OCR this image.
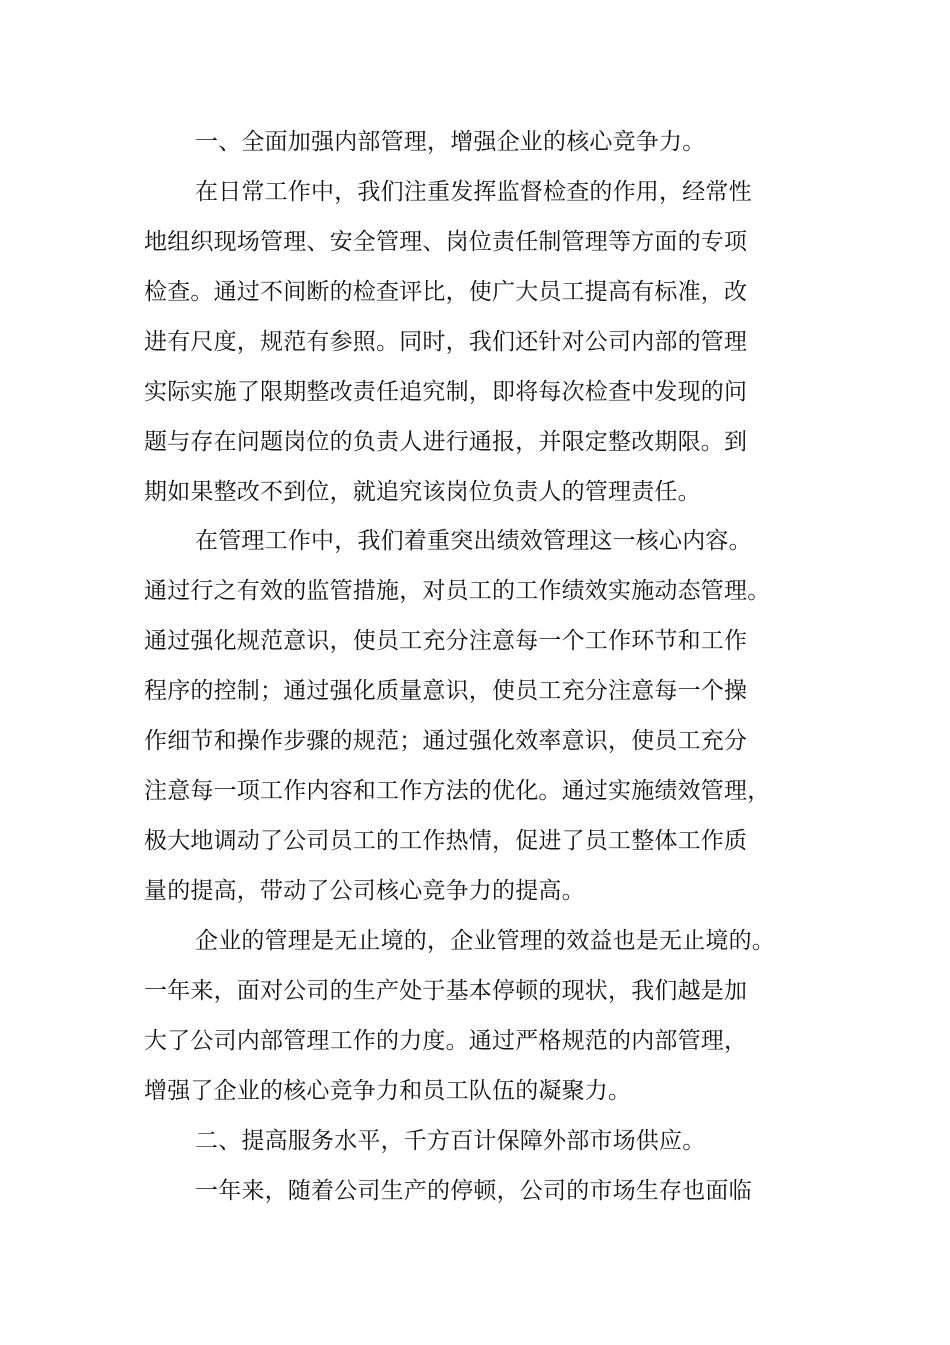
一、全面加强内部管理，增强企业的核心竞争力。
在日常工作中，我们注重发挥监督检查的作用，经常性
地组织现场管理、安全管理、岗位责任制管理等方面的专项
检查。通过不间断的检查评比，使广大员工提高有标准，改
进有尺度，规范有参照。同时，我们还针对公司内部的管理
实际实施了限期整改责任追究制，即将每次检查中发现的问
题与存在问题岗位的负责人进行通报，并限定整改期限。到
期如果整改不到位，就追究该岗位负责人的管理责任。
在管理工作中，我们着重突出绩效管理这一核心内容。
通过行之有效的监管措施，对员工的工作绩效实施动态管理。
通过强化规范意识，使员工充分注意每一个工作环节和工作
程序的控制；通过强化质量意识，使员工充分注意每一个操
作细节和操作步骤的规范；通过强化效率意识，使员工充分
注意每一项工作内容和工作方法的优化。通过实施绩效管理，
极大地调动了公司员工的工作热情，促进了员工整体工作质
量的提高，带动了公司核心竞争力的提高。
企业的管理是无止境的，企业管理的效益也是无止境的。
一年来，面对公司的生产处于基本停顿的现状，我们越是加
大了公司内部管理工作的力度。通过严格规范的内部管理，
增强了企业的核心竞争力和员工队伍的凝聚力。
二、提高服务水平，千方百计保障外部市场供应。
一年来，随着公司生产的停顿，公司的市场生存也面临
